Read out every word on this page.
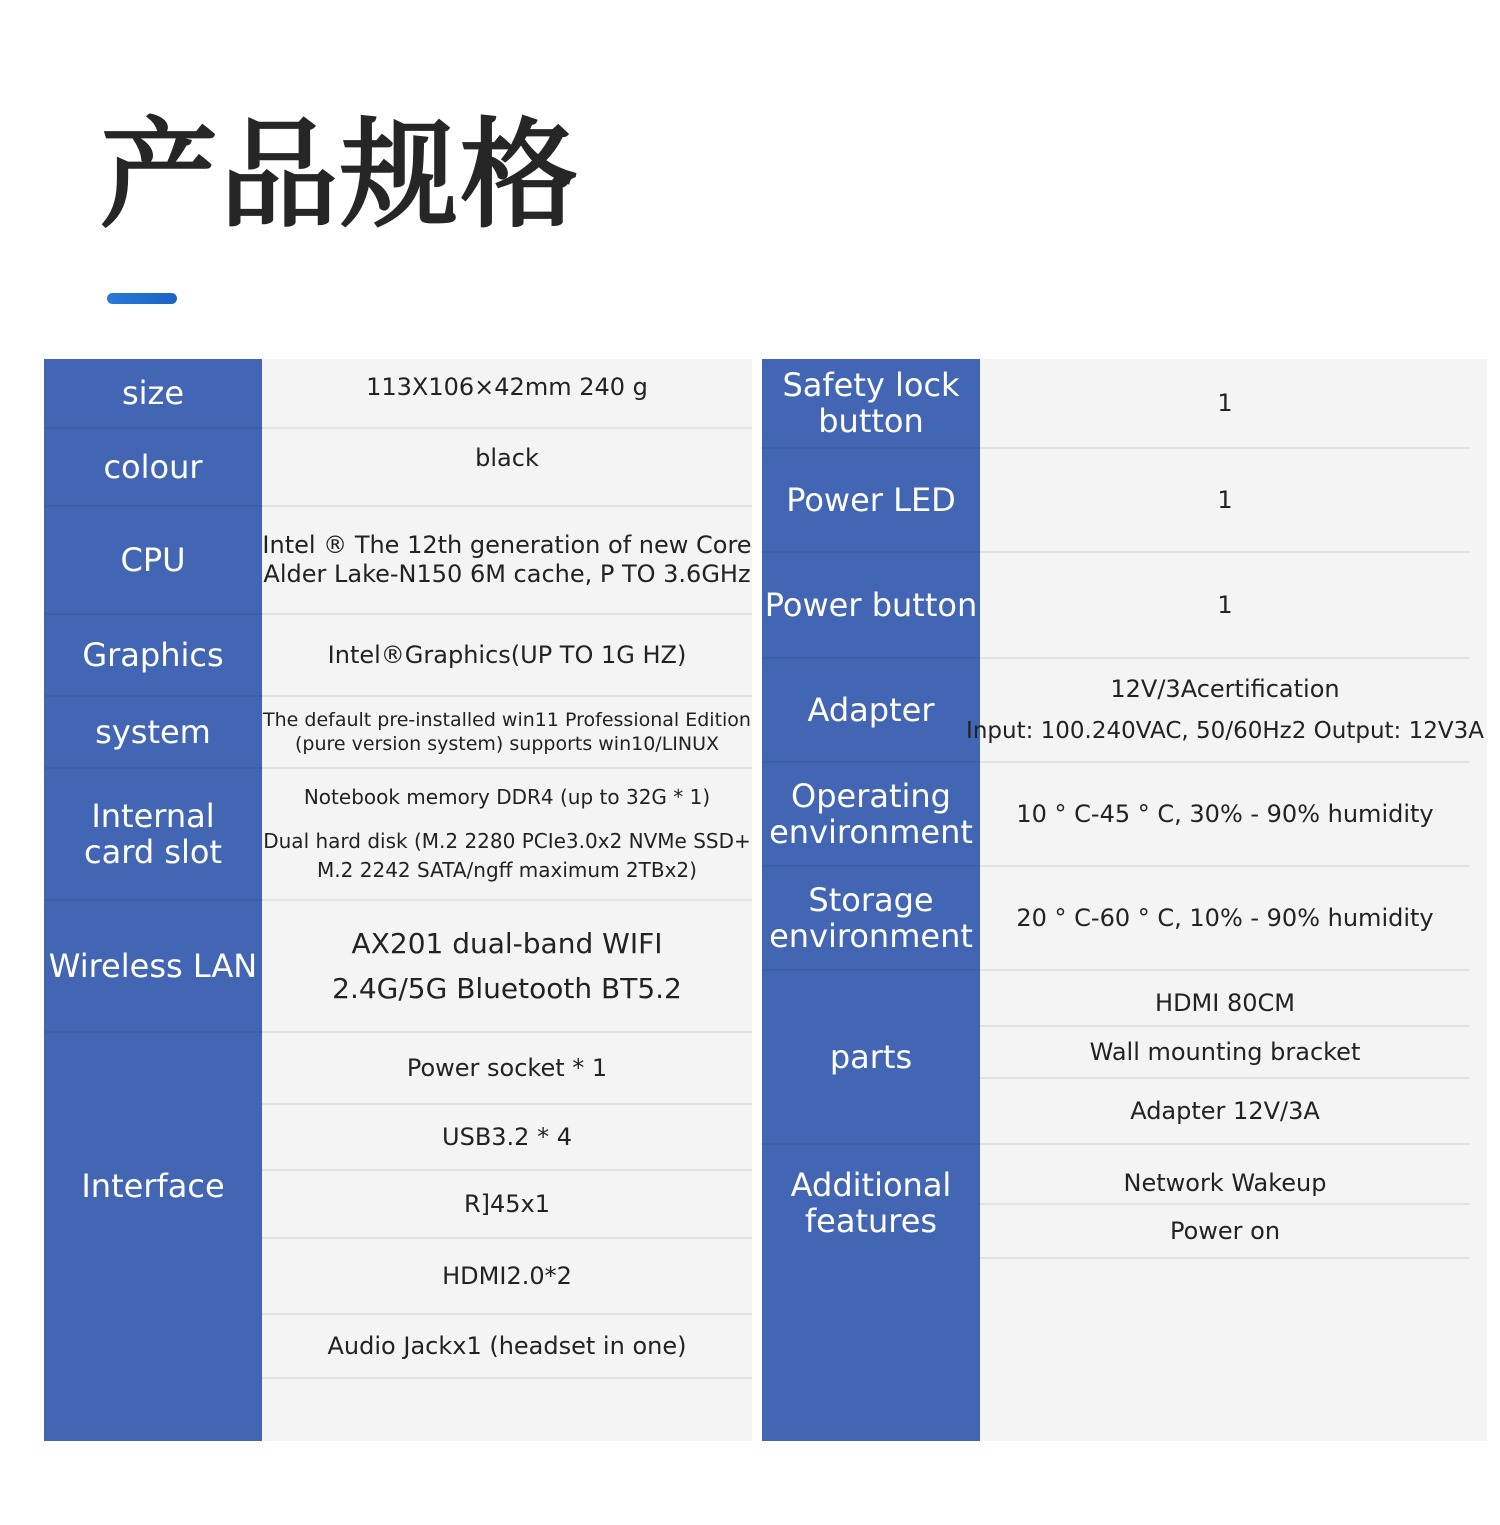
产品规格
size
colour
CPU
Graphics
system
Internal
card slot
Wireless LAN
Interface
113X106×42mm 240 g
black
Intel ® The 12th generation of new Core
Alder Lake-N150 6M cache, P TO 3.6GHz
Intel®Graphics(UP TO 1G HZ)
The default pre-installed win11 Professional Edition
(pure version system) supports win10/LINUX
Notebook memory DDR4 (up to 32G * 1)
Dual hard disk (M.2 2280 PCIe3.0x2 NVMe SSD+
M.2 2242 SATA/ngff maximum 2TBx2)
AX201 dual-band WIFI
2.4G/5G Bluetooth BT5.2
Power socket * 1
USB3.2 * 4
R]45x1
HDMI2.0*2
Audio Jackx1 (headset in one)
Safety lock
button
Power LED
Power button
Adapter
Operating
environment
Storage
environment
parts
Additional
features
1
1
1
12V/3Acertification
Input: 100.240VAC, 50/60Hz2 Output: 12V3A
10 ° C-45 ° C, 30% - 90% humidity
20 ° C-60 ° C, 10% - 90% humidity
HDMI 80CM
Wall mounting bracket
Adapter 12V/3A
Network Wakeup
Power on
